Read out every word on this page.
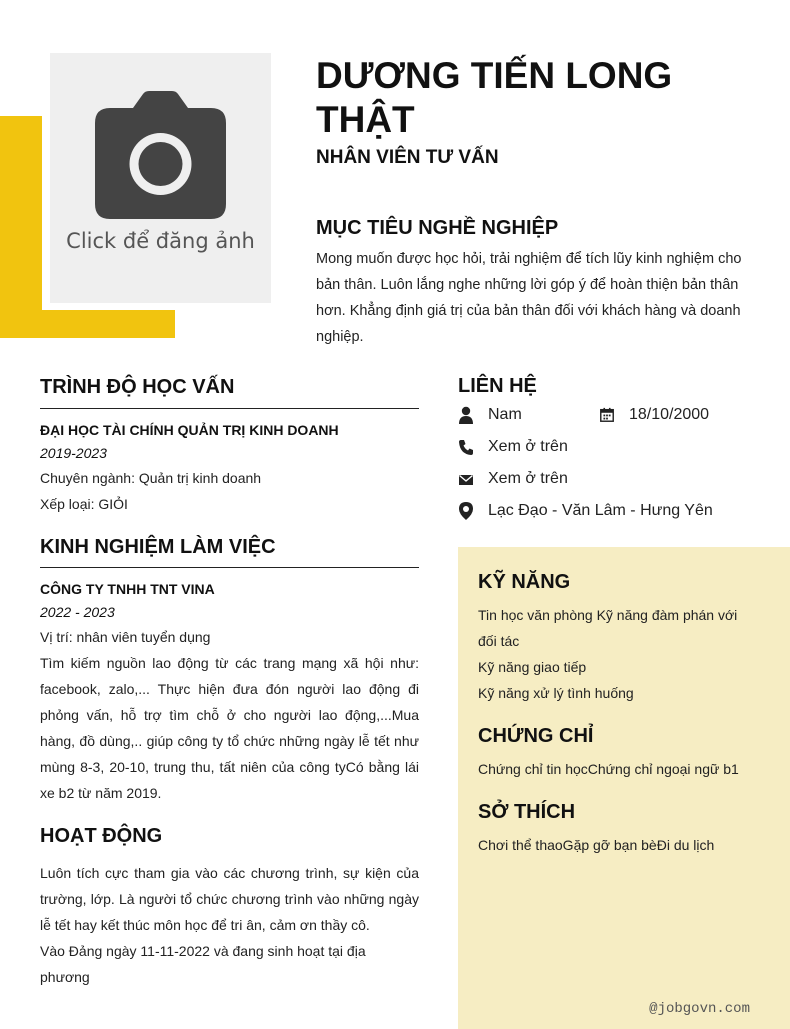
Click để đăng ảnh
DƯƠNG TIẾN LONG THẬT
NHÂN VIÊN TƯ VẤN
MỤC TIÊU NGHỀ NGHIỆP
Mong muốn được học hỏi, trải nghiệm để tích lũy kinh nghiệm cho bản thân. Luôn lắng nghe những lời góp ý để hoàn thiện bản thân hơn. Khẳng định giá trị của bản thân đối với khách hàng và doanh nghiệp.
TRÌNH ĐỘ HỌC VẤN
ĐẠI HỌC TÀI CHÍNH QUẢN TRỊ KINH DOANH
2019-2023
Chuyên ngành: Quản trị kinh doanh
Xếp loại: GIỎI
KINH NGHIỆM LÀM VIỆC
CÔNG TY TNHH TNT VINA
2022 - 2023
Vị trí: nhân viên tuyển dụng
Tìm kiếm nguồn lao động từ các trang mạng xã hội như: facebook, zalo,... Thực hiện đưa đón người lao động đi phỏng vấn, hỗ trợ tìm chỗ ở cho người lao động,...Mua hàng, đồ dùng,.. giúp công ty tổ chức những ngày lễ tết như mùng 8-3, 20-10, trung thu, tất niên của công tyCó bằng lái xe b2 từ năm 2019.
HOẠT ĐỘNG
Luôn tích cực tham gia vào các chương trình, sự kiện của trường, lớp. Là người tổ chức chương trình vào những ngày lễ tết hay kết thúc môn học để tri ân, cảm ơn thầy cô.
Vào Đảng ngày 11-11-2022 và đang sinh hoạt tại địa phương
LIÊN HỆ
Nam	18/10/2000
Xem ở trên
Xem ở trên
Lạc Đạo - Văn Lâm - Hưng Yên
KỸ NĂNG
Tin học văn phòng Kỹ năng đàm phán với đối tác
Kỹ năng giao tiếp
Kỹ năng xử lý tình huống
CHỨNG CHỈ
Chứng chỉ tin họcChứng chỉ ngoại ngữ b1
SỞ THÍCH
Chơi thể thaoGặp gỡ bạn bèĐi du lịch
@jobgovn.com
